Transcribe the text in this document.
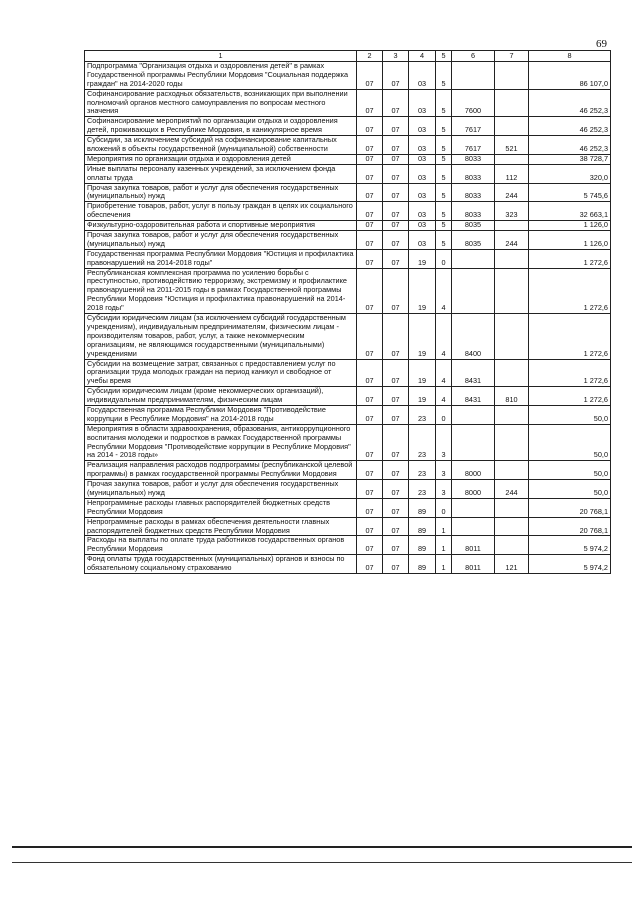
69
1	2	3	4	5	6	7	8
Подпрограмма "Организация отдыха и оздоровления детей" в рамках Государственной программы Республики Мордовия "Социальная поддержка граждан" на 2014-2020 годы	07	07	03	5			86 107,0
Софинансирование расходных обязательств, возникающих при выполнении полномочий органов местного самоуправления по вопросам местного значения	07	07	03	5	7600		46 252,3
Софинансирование мероприятий по организации отдыха и оздоровления детей, проживающих в Республике Мордовия, в каникулярное время	07	07	03	5	7617		46 252,3
Субсидии, за исключением субсидий на софинансирование капитальных вложений в объекты государственной (муниципальной) собственности	07	07	03	5	7617	521	46 252,3
Мероприятия по организации отдыха и оздоровления детей	07	07	03	5	8033		38 728,7
Иные выплаты персоналу казенных учреждений, за исключением фонда оплаты труда	07	07	03	5	8033	112	320,0
Прочая закупка товаров, работ и услуг для обеспечения государственных (муниципальных) нужд	07	07	03	5	8033	244	5 745,6
Приобретение товаров, работ, услуг в пользу граждан в целях их социального обеспечения	07	07	03	5	8033	323	32 663,1
Физкультурно-оздоровительная работа и спортивные мероприятия	07	07	03	5	8035		1 126,0
Прочая закупка товаров, работ и услуг для обеспечения государственных (муниципальных) нужд	07	07	03	5	8035	244	1 126,0
Государственная программа Республики Мордовия "Юстиция и профилактика правонарушений на 2014-2018 годы"	07	07	19	0			1 272,6
Республиканская комплексная программа по усилению борьбы с преступностью, противодействию терроризму, экстремизму и профилактике правонарушений на 2011-2015 годы в рамках Государственной программы Республики Мордовия "Юстиция и профилактика правонарушений на 2014-2018 годы"	07	07	19	4			1 272,6
Субсидии юридическим лицам (за исключением субсидий государственным учреждениям), индивидуальным предпринимателям, физическим лицам - производителям товаров, работ, услуг, а также некоммерческим организациям, не являющимся государственными (муниципальными) учреждениями	07	07	19	4	8400		1 272,6
Субсидии на возмещение затрат, связанных с предоставлением услуг по организации труда молодых граждан на период каникул и свободное от учебы время	07	07	19	4	8431		1 272,6
Субсидии юридическим лицам (кроме некоммерческих организаций), индивидуальным предпринимателям, физическим лицам	07	07	19	4	8431	810	1 272,6
Государственная программа Республики Мордовия "Противодействие коррупции в Республике Мордовия" на 2014-2018 годы	07	07	23	0			50,0
Мероприятия в области здравоохранения, образования, антикоррупционного воспитания молодежи и подростков в рамках Государственной программы Республики Мордовия "Противодействие коррупции в Республике Мордовия" на 2014 - 2018 годы»	07	07	23	3			50,0
Реализация направления расходов подпрограммы (республиканской целевой программы) в рамках государственной программы Республики Мордовия	07	07	23	3	8000		50,0
Прочая закупка товаров, работ и услуг для обеспечения государственных (муниципальных) нужд	07	07	23	3	8000	244	50,0
Непрограммные расходы главных распорядителей бюджетных средств Республики Мордовия	07	07	89	0			20 768,1
Непрограммные расходы в рамках обеспечения деятельности главных распорядителей бюджетных средств Республики Мордовия	07	07	89	1			20 768,1
Расходы на выплаты по оплате труда работников государственных органов Республики Мордовия	07	07	89	1	8011		5 974,2
Фонд оплаты труда государственных (муниципальных) органов и взносы по обязательному социальному страхованию	07	07	89	1	8011	121	5 974,2
